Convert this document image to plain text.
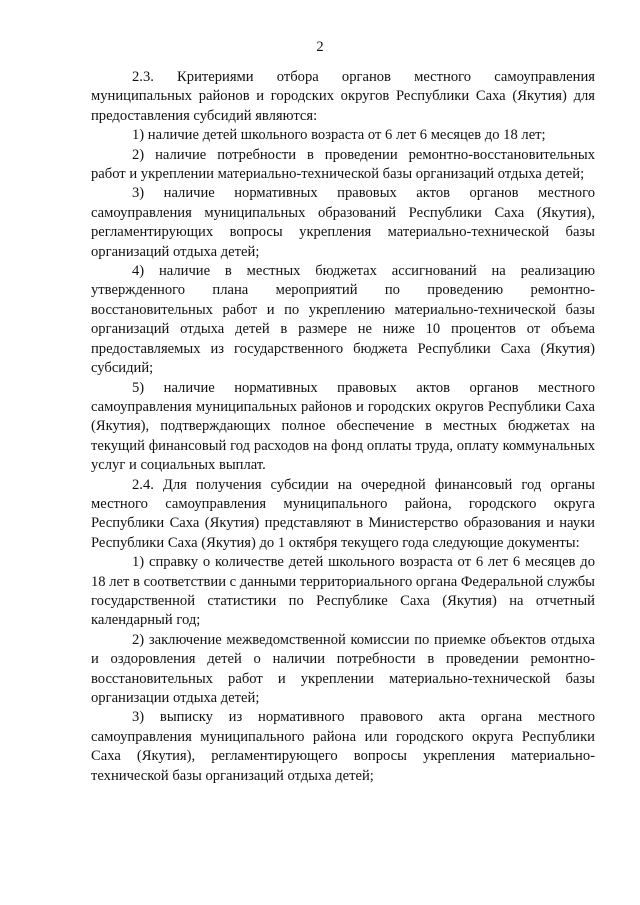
2

2.3. Критериями отбора органов местного самоуправления муниципальных районов и городских округов Республики Саха (Якутия) для предоставления субсидий являются:

1) наличие детей школьного возраста от 6 лет 6 месяцев до 18 лет;

2) наличие потребности в проведении ремонтно-восстановительных работ и укреплении материально-технической базы организаций отдыха детей;

3) наличие нормативных правовых актов органов местного самоуправления муниципальных образований Республики Саха (Якутия), регламентирующих вопросы укрепления материально-технической базы организаций отдыха детей;

4) наличие в местных бюджетах ассигнований на реализацию утвержденного плана мероприятий по проведению ремонтно-восстановительных работ и по укреплению материально-технической базы организаций отдыха детей в размере не ниже 10 процентов от объема предоставляемых из государственного бюджета Республики Саха (Якутия) субсидий;

5) наличие нормативных правовых актов органов местного самоуправления муниципальных районов и городских округов Республики Саха (Якутия), подтверждающих полное обеспечение в местных бюджетах на текущий финансовый год расходов на фонд оплаты труда, оплату коммунальных услуг и социальных выплат.

2.4. Для получения субсидии на очередной финансовый год органы местного самоуправления муниципального района, городского округа Республики Саха (Якутия) представляют в Министерство образования и науки Республики Саха (Якутия) до 1 октября текущего года следующие документы:

1) справку о количестве детей школьного возраста от 6 лет 6 месяцев до 18 лет в соответствии с данными территориального органа Федеральной службы государственной статистики по Республике Саха (Якутия) на отчетный календарный год;

2) заключение межведомственной комиссии по приемке объектов отдыха и оздоровления детей о наличии потребности в проведении ремонтно-восстановительных работ и укреплении материально-технической базы организации отдыха детей;

3) выписку из нормативного правового акта органа местного самоуправления муниципального района или городского округа Республики Саха (Якутия), регламентирующего вопросы укрепления материально-технической базы организаций отдыха детей;
